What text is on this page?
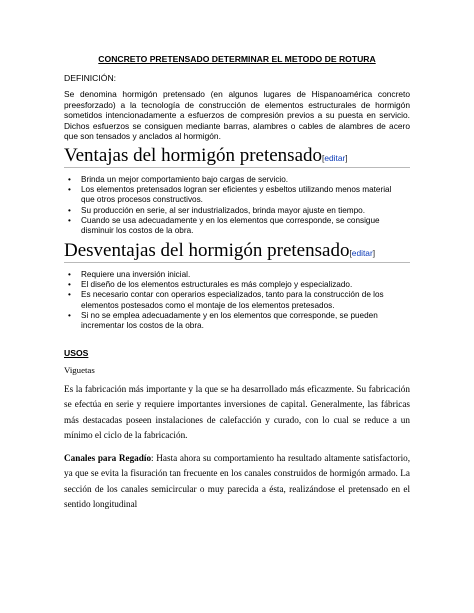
CONCRETO PRETENSADO DETERMINAR EL METODO DE ROTURA
DEFINICIÓN:
Se denomina hormigón pretensado (en algunos lugares de Hispanoamérica concreto preesforzado) a la tecnología de construcción de elementos estructurales de hormigón sometidos intencionadamente a esfuerzos de compresión previos a su puesta en servicio. Dichos esfuerzos se consiguen mediante barras, alambres o cables de alambres de acero que son tensados y anclados al hormigón.
Ventajas del hormigón pretensado[editar]
• Brinda un mejor comportamiento bajo cargas de servicio.
• Los elementos pretensados logran ser eficientes y esbeltos utilizando menos material que otros procesos constructivos.
• Su producción en serie, al ser industrializados, brinda mayor ajuste en tiempo.
• Cuando se usa adecuadamente y en los elementos que corresponde, se consigue disminuir los costos de la obra.
Desventajas del hormigón pretensado[editar]
• Requiere una inversión inicial.
• El diseño de los elementos estructurales es más complejo y especializado.
• Es necesario contar con operarios especializados, tanto para la construcción de los elementos postesados como el montaje de los elementos pretesados.
• Si no se emplea adecuadamente y en los elementos que corresponde, se pueden incrementar los costos de la obra.
USOS
Viguetas
Es la fabricación más importante y la que se ha desarrollado más eficazmente. Su fabricación se efectúa en serie y requiere importantes inversiones de capital. Generalmente, las fábricas más destacadas poseen instalaciones de calefacción y curado, con lo cual se reduce a un mínimo el ciclo de la fabricación.
Canales para Regadío: Hasta ahora su comportamiento ha resultado altamente satisfactorio, ya que se evita la fisuración tan frecuente en los canales construidos de hormigón armado. La sección de los canales semicircular o muy parecida a ésta, realizándose el pretensado en el sentido longitudinal
